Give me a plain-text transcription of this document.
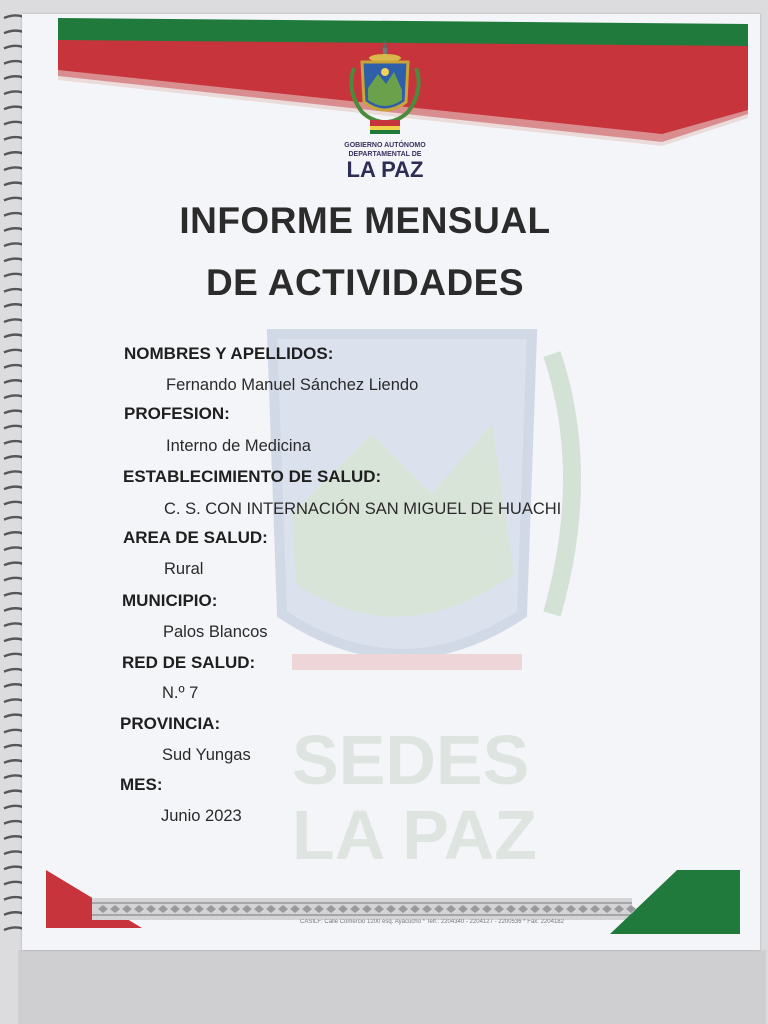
GOBIERNO AUTÓNOMO
DEPARTAMENTAL DE
LA PAZ
INFORME MENSUAL
DE ACTIVIDADES
SEDES
LA PAZ
NOMBRES Y APELLIDOS:
Fernando Manuel Sánchez Liendo
PROFESION:
Interno de Medicina
ESTABLECIMIENTO DE SALUD:
C. S. CON INTERNACIÓN SAN MIGUEL DE HUACHI
AREA DE SALUD:
Rural
MUNICIPIO:
Palos Blancos
RED DE SALUD:
N.º 7
PROVINCIA:
Sud Yungas
MES:
Junio 2023
CASILF: Calle Comercio 1200 esq. Ayacucho * Telf.: 2204340 - 2204127 - 2200536 * Fax: 2204182
